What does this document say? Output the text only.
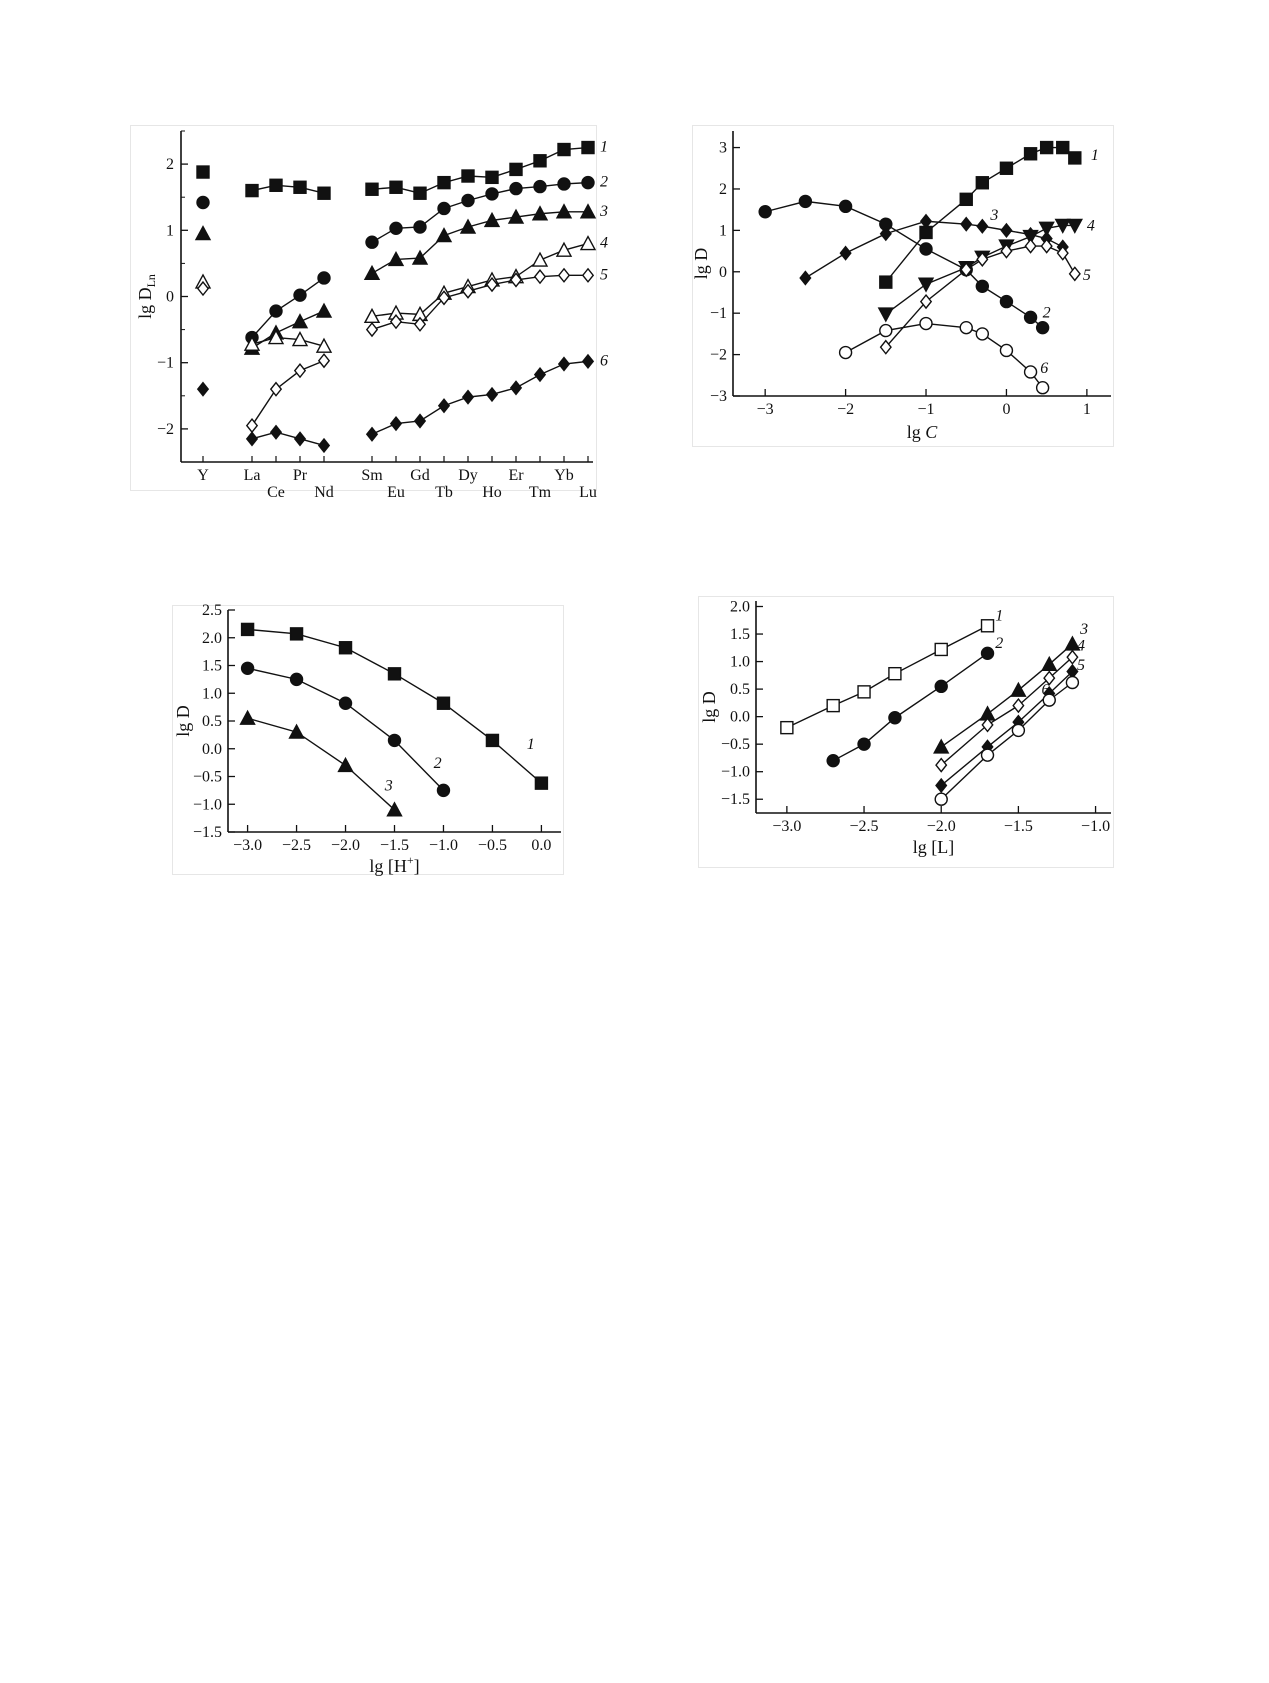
2
1
0
−1
−2
Y La
Ce
Pr
Nd
Sm
Eu
Gd
Tb
Dy
Ho
Er
Tm
Yb
Lu
$\lg D_{Ln}$
1
2
3
4
5
6
3
2
1
0
−1
−2
−3
−3	−2	−1	0	1
lg D
lg C
1
2
3
4
5
6
2.5
2.0
1.5
1.0
0.5
0.0
−0.5
−1.0
−1.5
−3.0 −2.5 −2.0 −1.5 −1.0 −0.5 0.0
lg D
lg [H+]
1
2
3
2.0
1.5
1.0
0.5
0.0
−0.5
−1.0
−1.5
−3.0	−2.5	−2.0	−1.5	−1.0
lg D
lg [L]
1
2
3
4
5
6
